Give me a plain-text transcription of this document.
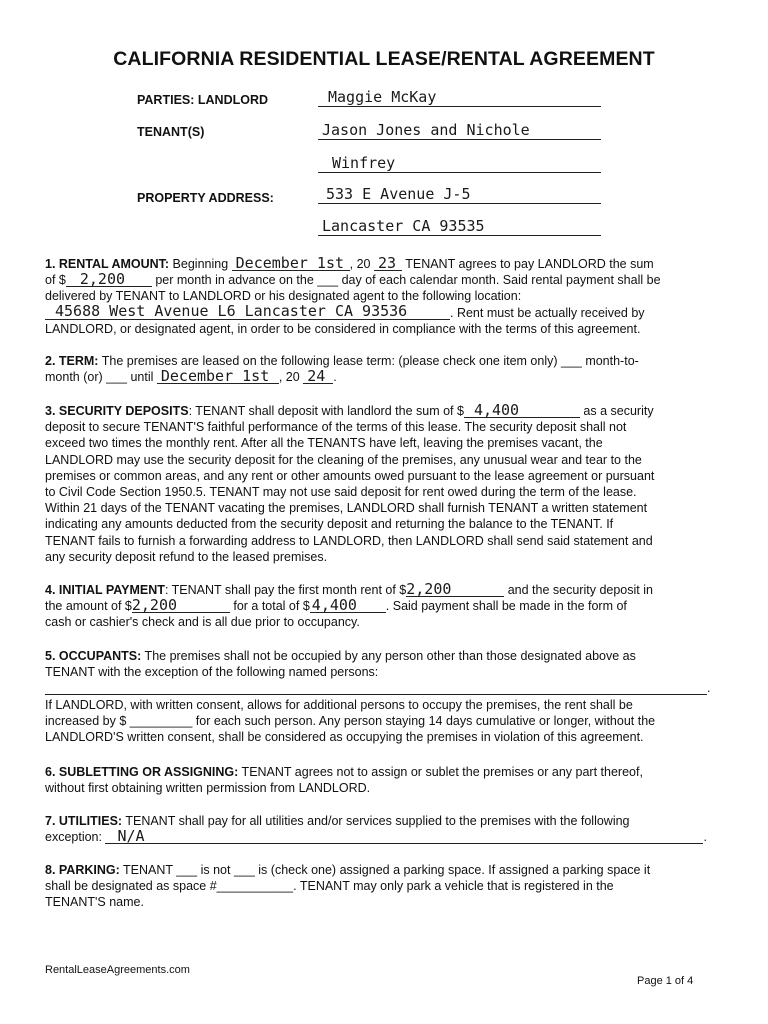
CALIFORNIA RESIDENTIAL LEASE/RENTAL AGREEMENT
PARTIES: LANDLORD	Maggie McKay
TENANT(S)	Jason Jones and Nichole
Winfrey
PROPERTY ADDRESS:	533 E Avenue J-5
Lancaster CA 93535
1. RENTAL AMOUNT: Beginning December 1st , 20 23 TENANT agrees to pay LANDLORD the sum
of $ 2,200 per month in advance on the ___ day of each calendar month. Said rental payment shall be
delivered by TENANT to LANDLORD or his designated agent to the following location:
45688 West Avenue L6 Lancaster CA 93536	. Rent must be actually received by
LANDLORD, or designated agent, in order to be considered in compliance with the terms of this agreement.
2. TERM: The premises are leased on the following lease term: (please check one item only) ___ month-to-
month (or) ___ until December 1st , 20 24 .
3. SECURITY DEPOSITS: TENANT shall deposit with landlord the sum of $ 4,400	as a security
deposit to secure TENANT'S faithful performance of the terms of this lease. The security deposit shall not
exceed two times the monthly rent. After all the TENANTS have left, leaving the premises vacant, the
LANDLORD may use the security deposit for the cleaning of the premises, any unusual wear and tear to the
premises or common areas, and any rent or other amounts owed pursuant to the lease agreement or pursuant
to Civil Code Section 1950.5. TENANT may not use said deposit for rent owed during the term of the lease.
Within 21 days of the TENANT vacating the premises, LANDLORD shall furnish TENANT a written statement
indicating any amounts deducted from the security deposit and returning the balance to the TENANT. If
TENANT fails to furnish a forwarding address to LANDLORD, then LANDLORD shall send said statement and
any security deposit refund to the leased premises.
4. INITIAL PAYMENT: TENANT shall pay the first month rent of $ 2,200	and the security deposit in
the amount of $ 2,200	for a total of $ 4,400 . Said payment shall be made in the form of
cash or cashier's check and is all due prior to occupancy.
5. OCCUPANTS: The premises shall not be occupied by any person other than those designated above as
TENANT with the exception of the following named persons:
.
If LANDLORD, with written consent, allows for additional persons to occupy the premises, the rent shall be
increased by $ _________ for each such person. Any person staying 14 days cumulative or longer, without the
LANDLORD'S written consent, shall be considered as occupying the premises in violation of this agreement.
6. SUBLETTING OR ASSIGNING: TENANT agrees not to assign or sublet the premises or any part thereof,
without first obtaining written permission from LANDLORD.
7. UTILITIES: TENANT shall pay for all utilities and/or services supplied to the premises with the following
exception: N/A	.
8. PARKING: TENANT ___ is not ___ is (check one) assigned a parking space. If assigned a parking space it
shall be designated as space #___________. TENANT may only park a vehicle that is registered in the
TENANT'S name.
RentalLeaseAgreements.com
Page 1 of 4
